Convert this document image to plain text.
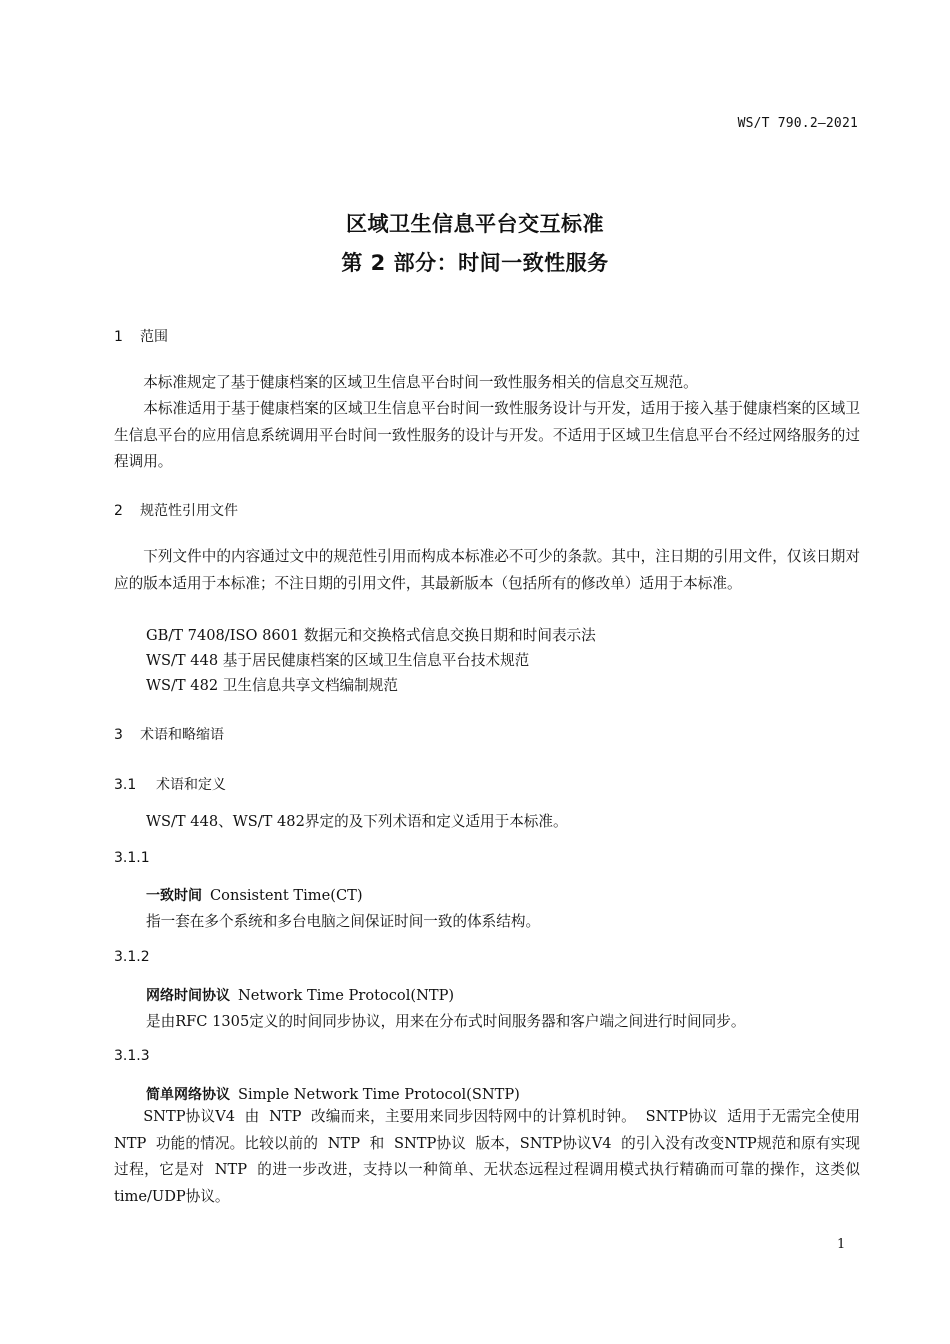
WS/T 790.2—2021
区域卫生信息平台交互标准
第 2 部分：时间一致性服务
1 范围
本标准规定了基于健康档案的区域卫生信息平台时间一致性服务相关的信息交互规范。
本标准适用于基于健康档案的区域卫生信息平台时间一致性服务设计与开发，适用于接入基于健康档案的区域卫生信息平台的应用信息系统调用平台时间一致性服务的设计与开发。不适用于区域卫生信息平台不经过网络服务的过程调用。
2 规范性引用文件
下列文件中的内容通过文中的规范性引用而构成本标准必不可少的条款。其中，注日期的引用文件，仅该日期对应的版本适用于本标准；不注日期的引用文件，其最新版本（包括所有的修改单）适用于本标准。
GB/T 7408/ISO 8601 数据元和交换格式信息交换日期和时间表示法
WS/T 448 基于居民健康档案的区域卫生信息平台技术规范
WS/T 482 卫生信息共享文档编制规范
3 术语和略缩语
3.1 术语和定义
WS/T 448、WS/T 482界定的及下列术语和定义适用于本标准。
3.1.1
一致时间 Consistent Time(CT)
指一套在多个系统和多台电脑之间保证时间一致的体系结构。
3.1.2
网络时间协议 Network Time Protocol(NTP)
是由RFC 1305定义的时间同步协议，用来在分布式时间服务器和客户端之间进行时间同步。
3.1.3
简单网络协议 Simple Network Time Protocol(SNTP)
SNTP协议V4  由  NTP  改编而来，主要用来同步因特网中的计算机时钟。  SNTP协议  适用于无需完全使用  NTP  功能的情况。比较以前的  NTP  和  SNTP协议  版本，SNTP协议V4  的引入没有改变NTP规范和原有实现过程，它是对  NTP  的进一步改进，支持以一种简单、无状态远程过程调用模式执行精确而可靠的操作，这类似  time/UDP协议。
1
